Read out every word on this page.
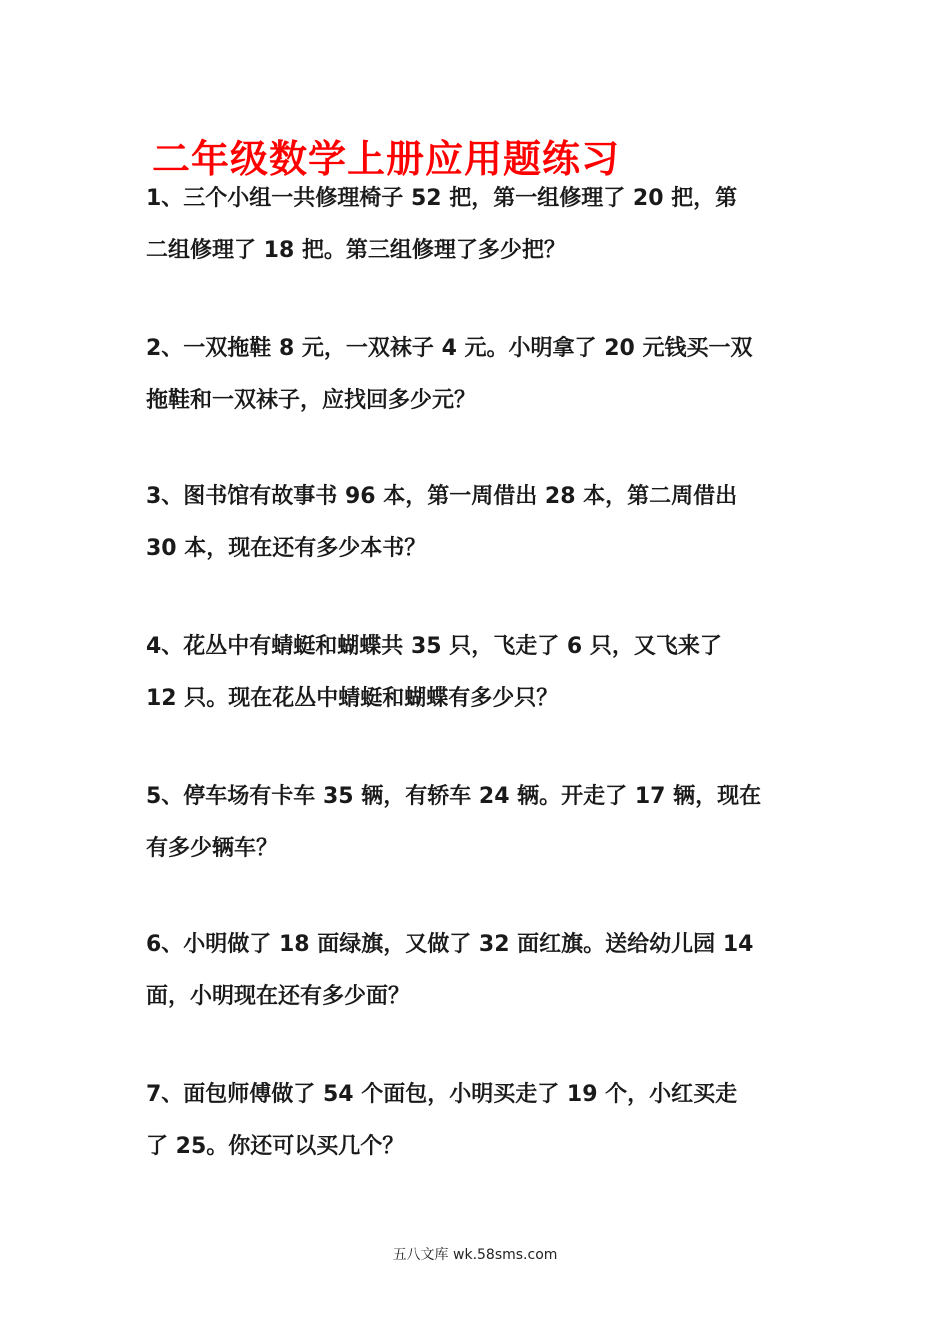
二年级数学上册应用题练习
1、三个小组一共修理椅子 52 把，第一组修理了 20 把，第
二组修理了 18 把。第三组修理了多少把？
2、一双拖鞋 8 元，一双袜子 4 元。小明拿了 20 元钱买一双
拖鞋和一双袜子，应找回多少元？
3、图书馆有故事书 96 本，第一周借出 28 本，第二周借出
30 本，现在还有多少本书？
4、花丛中有蜻蜓和蝴蝶共 35 只，飞走了 6 只，又飞来了
12 只。现在花丛中蜻蜓和蝴蝶有多少只？
5、停车场有卡车 35 辆，有轿车 24 辆。开走了 17 辆，现在
有多少辆车？
6、小明做了 18 面绿旗，又做了 32 面红旗。送给幼儿园 14
面，小明现在还有多少面？
7、面包师傅做了 54 个面包，小明买走了 19 个，小红买走
了 25。你还可以买几个？
五八文库 wk.58sms.com
